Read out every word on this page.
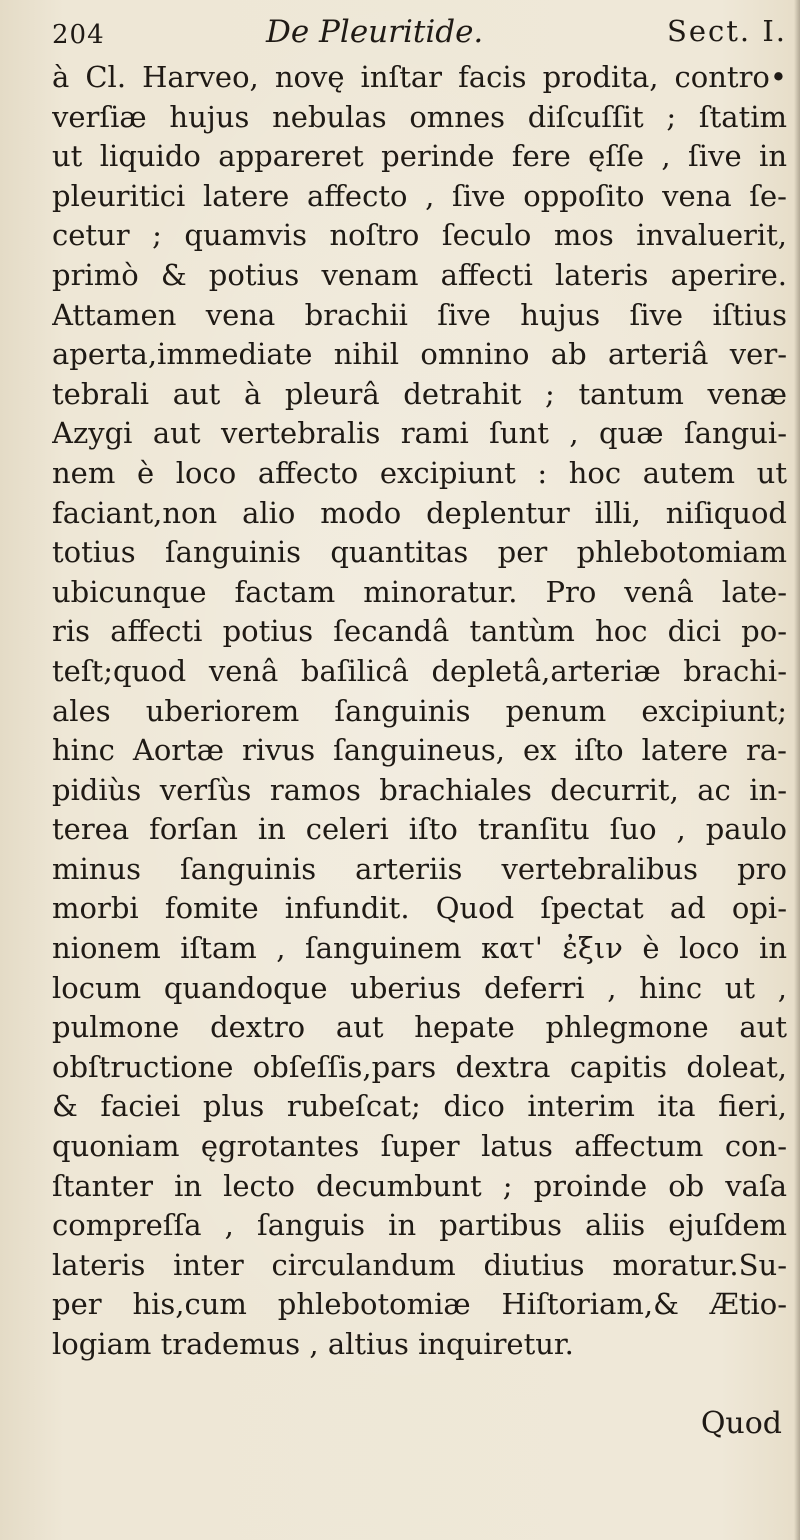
204	De Pleuritide.	Sect. I.
à Cl. Harveo, novę inſtar facis prodita, contro•
verſiæ hujus nebulas omnes diſcuſſit ; ſtatim
ut liquido appareret perinde fere ęſſe , ſive in
pleuritici latere affecto , ſive oppoſito vena ſe-
cetur ; quamvis noſtro ſeculo mos invaluerit,
primò & potius venam affecti lateris aperire.
Attamen vena brachii ſive hujus ſive iſtius
aperta,immediate nihil omnino ab arteriâ ver-
tebrali aut à pleurâ detrahit ; tantum venæ
Azygi aut vertebralis rami ſunt , quæ ſangui-
nem è loco affecto excipiunt : hoc autem ut
faciant,non alio modo deplentur illi, niſiquod
totius ſanguinis quantitas per phlebotomiam
ubicunque factam minoratur. Pro venâ late-
ris affecti potius ſecandâ tantùm hoc dici po-
teſt;quod venâ baſilicâ depletâ,arteriæ brachi-
ales uberiorem ſanguinis penum excipiunt;
hinc Aortæ rivus ſanguineus, ex iſto latere ra-
pidiùs verſùs ramos brachiales decurrit, ac in-
terea forſan in celeri iſto tranſitu ſuo , paulo
minus ſanguinis arteriis vertebralibus pro
morbi fomite infundit. Quod ſpectat ad opi-
nionem iſtam , ſanguinem κατ' ἐξιν è loco in
locum quandoque uberius deferri , hinc ut ,
pulmone dextro aut hepate phlegmone aut
obſtructione obſeſſis,pars dextra capitis doleat,
& faciei plus rubeſcat; dico interim ita fieri,
quoniam ęgrotantes ſuper latus affectum con-
ſtanter in lecto decumbunt ; proinde ob vaſa
compreſſa , ſanguis in partibus aliis ejuſdem
lateris inter circulandum diutius moratur.Su-
per his,cum phlebotomiæ Hiſtoriam,& Ætio-
logiam trademus , altius inquiretur.
Quod
